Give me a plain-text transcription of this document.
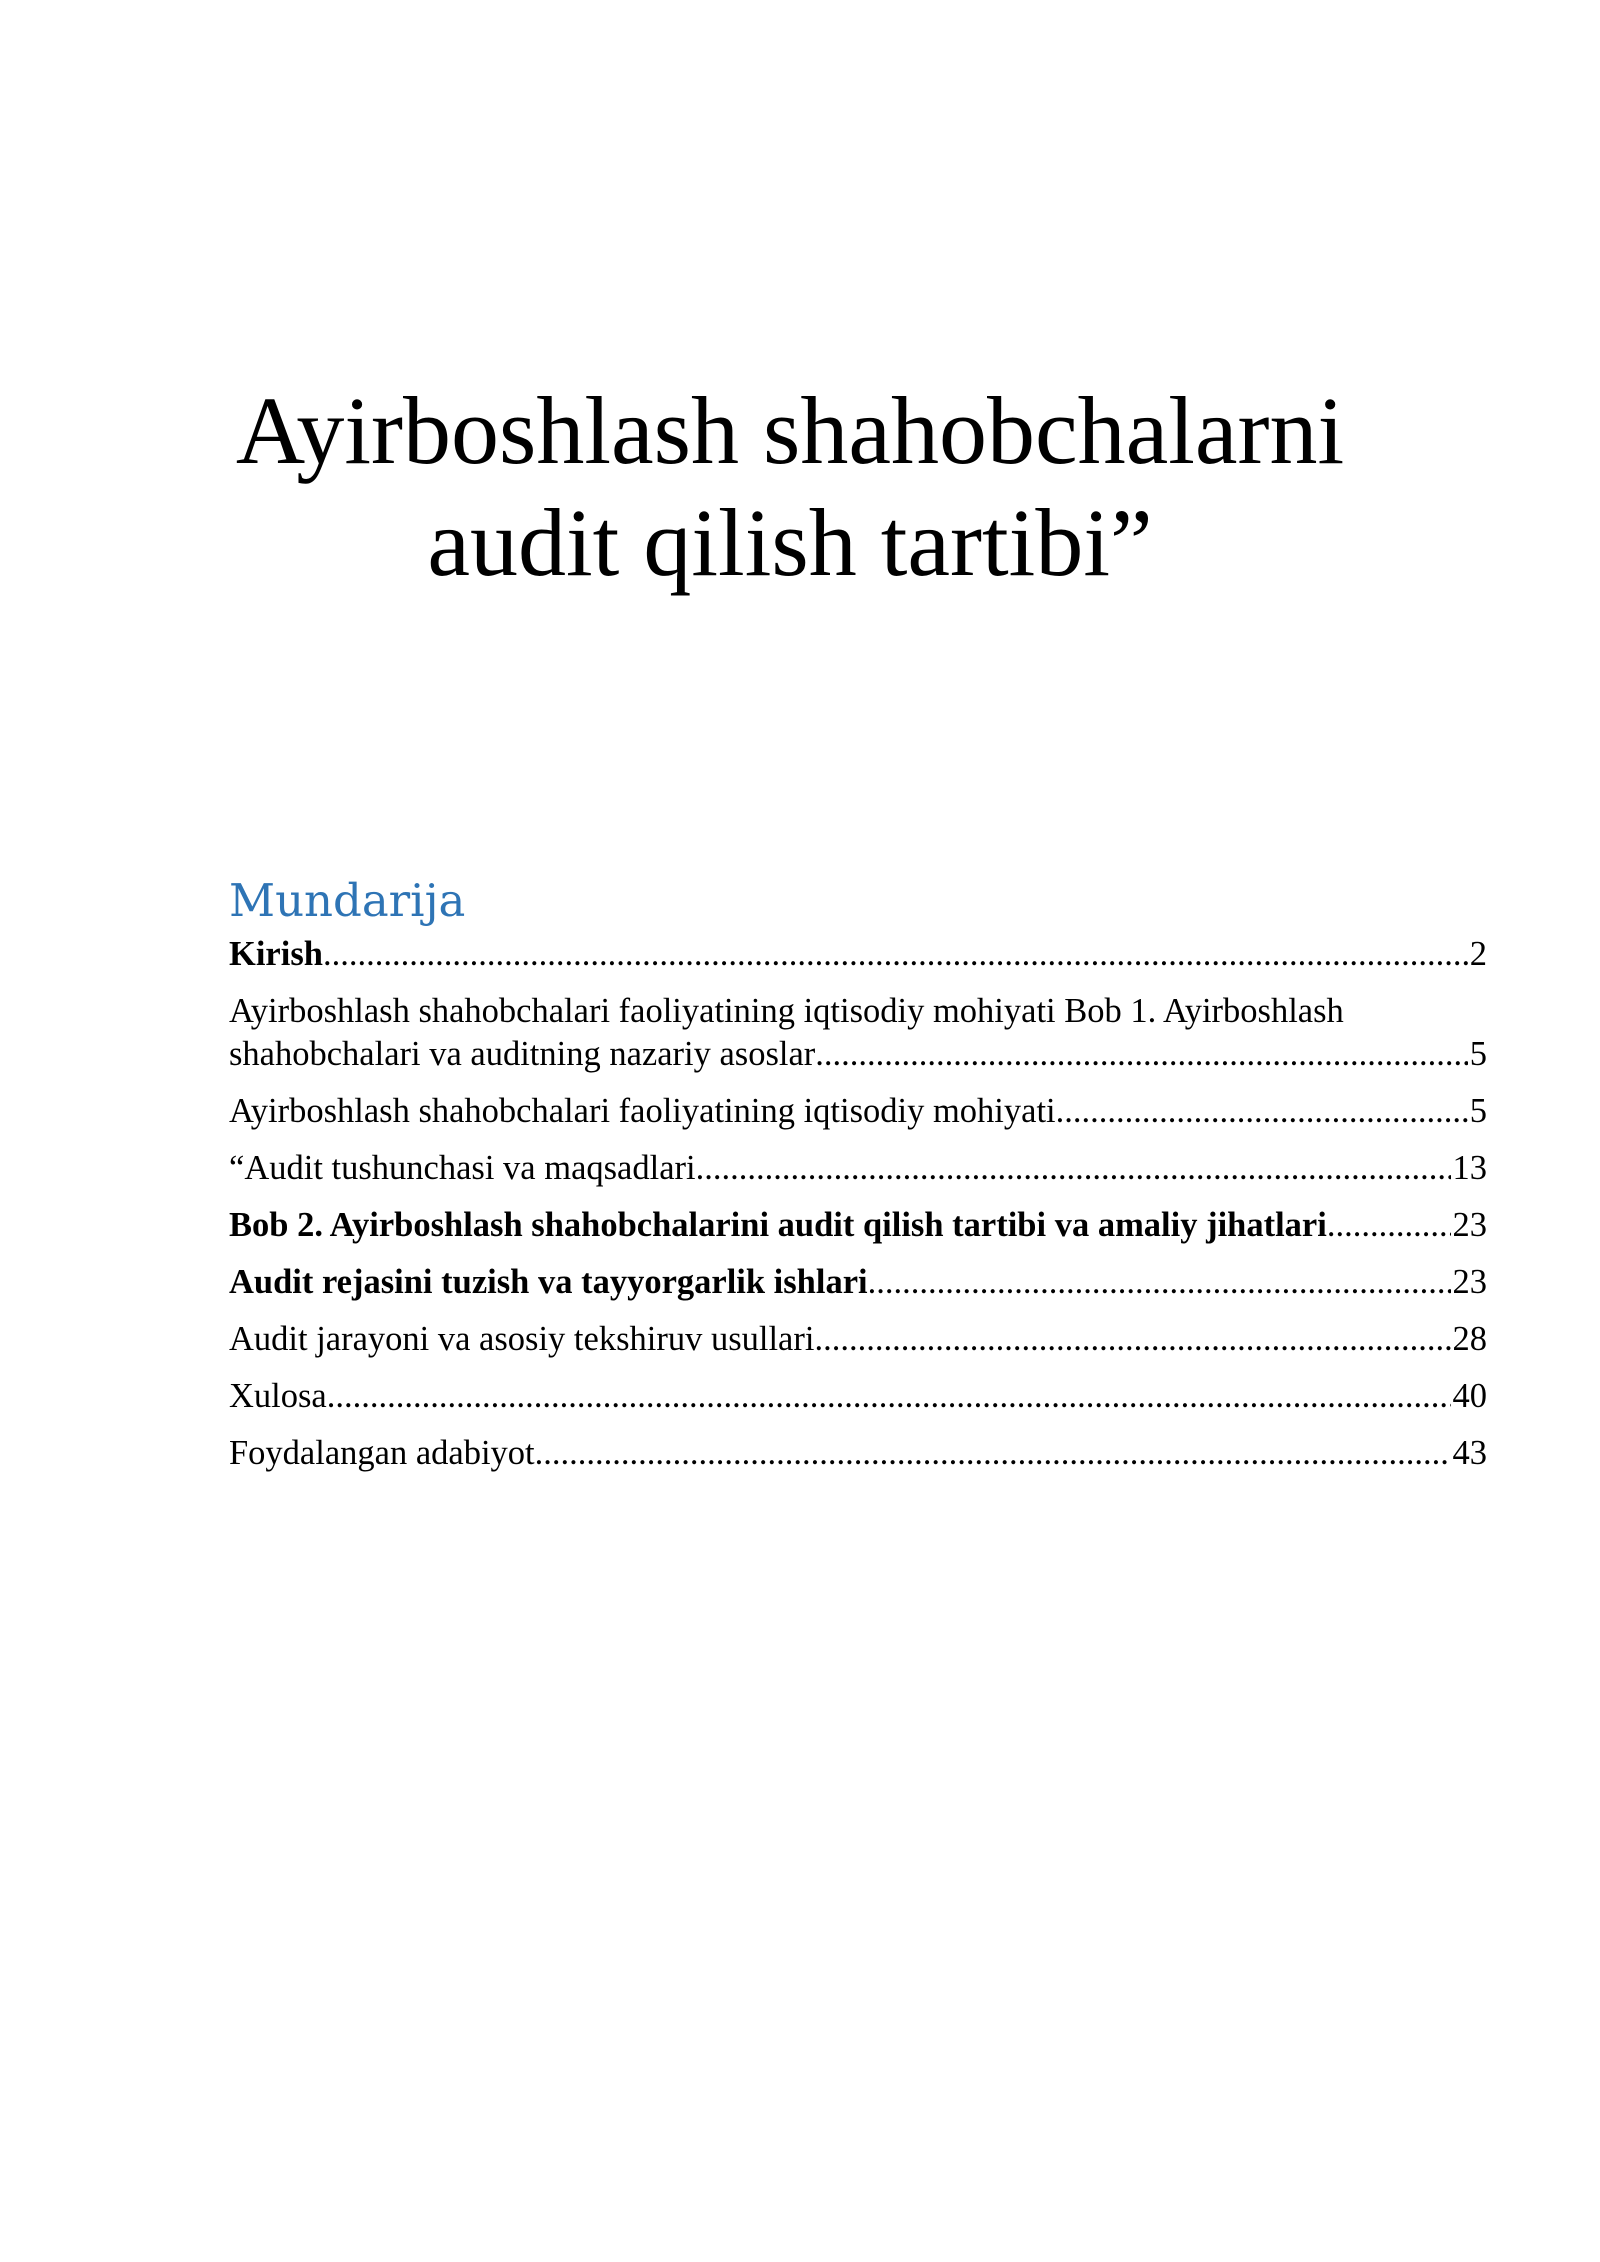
Ayirboshlash shahobchalarni
audit qilish tartibi”
Mundarija
Kirish .....	2
Ayirboshlash shahobchalari faoliyatining iqtisodiy mohiyati Bob 1. Ayirboshlash
shahobchalari va auditning nazariy asoslar .....	5
Ayirboshlash shahobchalari faoliyatining iqtisodiy mohiyati .....	5
“Audit tushunchasi va maqsadlari .....	13
Bob 2. Ayirboshlash shahobchalarini audit qilish tartibi va amaliy jihatlari .....	23
Audit rejasini tuzish va tayyorgarlik ishlari .....	23
Audit jarayoni va asosiy tekshiruv usullari .....	28
Xulosa .....	40
Foydalangan adabiyot .....	43
